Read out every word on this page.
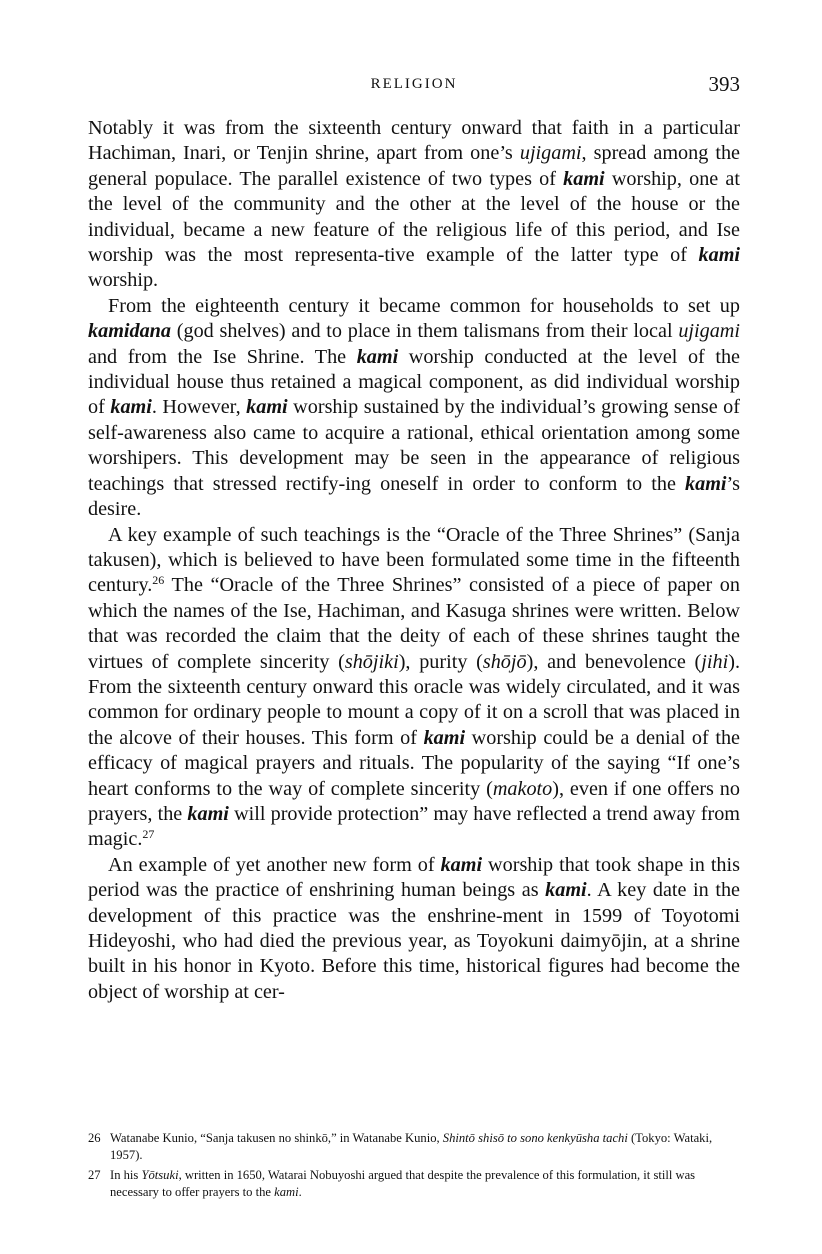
RELIGION	393

Notably it was from the sixteenth century onward that faith in a particular Hachiman, Inari, or Tenjin shrine, apart from one’s ujigami, spread among the general populace. The parallel existence of two types of kami worship, one at the level of the community and the other at the level of the house or the individual, became a new feature of the religious life of this period, and Ise worship was the most representa-tive example of the latter type of kami worship.

From the eighteenth century it became common for households to set up kamidana (god shelves) and to place in them talismans from their local ujigami and from the Ise Shrine. The kami worship conducted at the level of the individual house thus retained a magical component, as did individual worship of kami. However, kami worship sustained by the individual’s growing sense of self-awareness also came to acquire a rational, ethical orientation among some worshipers. This development may be seen in the appearance of religious teachings that stressed rectify-ing oneself in order to conform to the kami’s desire.

A key example of such teachings is the “Oracle of the Three Shrines” (Sanja takusen), which is believed to have been formulated some time in the fifteenth century.$^{26}$ The “Oracle of the Three Shrines” consisted of a piece of paper on which the names of the Ise, Hachiman, and Kasuga shrines were written. Below that was recorded the claim that the deity of each of these shrines taught the virtues of complete sincerity (shōjiki), purity (shōjō), and benevolence (jihi). From the sixteenth century onward this oracle was widely circulated, and it was common for ordinary people to mount a copy of it on a scroll that was placed in the alcove of their houses. This form of kami worship could be a denial of the efficacy of magical prayers and rituals. The popularity of the saying “If one’s heart conforms to the way of complete sincerity (makoto), even if one offers no prayers, the kami will provide protection” may have reflected a trend away from magic.$^{27}$

An example of yet another new form of kami worship that took shape in this period was the practice of enshrining human beings as kami. A key date in the development of this practice was the enshrine-ment in 1599 of Toyotomi Hideyoshi, who had died the previous year, as Toyokuni daimyōjin, at a shrine built in his honor in Kyoto. Before this time, historical figures had become the object of worship at cer-

26 Watanabe Kunio, “Sanja takusen no shinkō,” in Watanabe Kunio, Shintō shisō to sono kenkyūsha tachi (Tokyo: Wataki, 1957).
27 In his Yōtsuki, written in 1650, Watarai Nobuyoshi argued that despite the prevalence of this formulation, it still was necessary to offer prayers to the kami.
